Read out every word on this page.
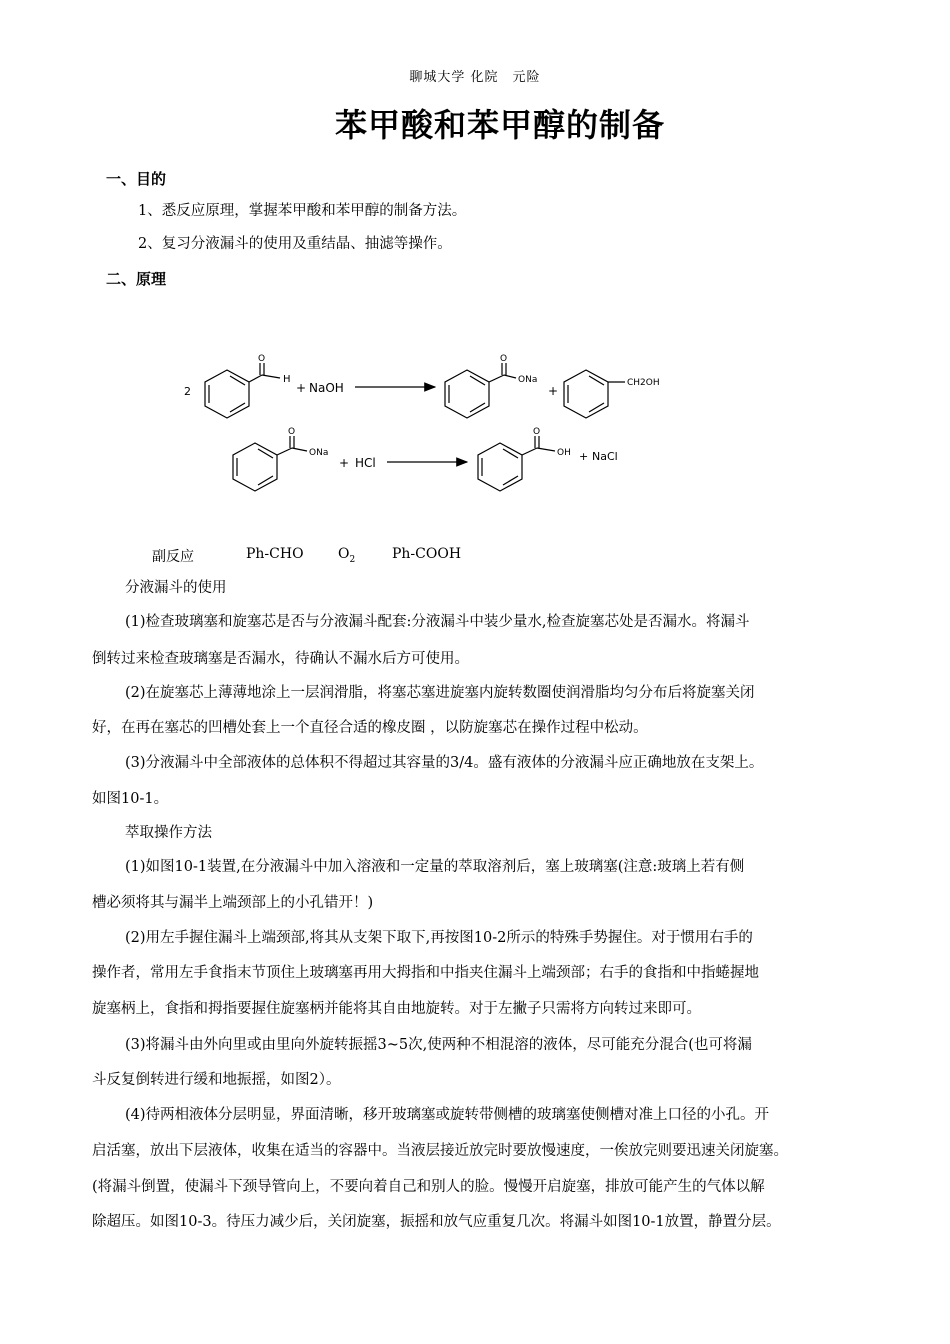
聊城大学 化院　元险
苯甲酸和苯甲醇的制备
一、目的
1、悉反应原理，掌握苯甲酸和苯甲醇的制备方法。
2、复习分液漏斗的使用及重结晶、抽滤等操作。
二、原理
2
O
H
+ NaOH
O
ONa
+
CH2OH
O
ONa
+ HCl
O
OH + NaCl
副反应	Ph-CHO $O_2$	Ph-COOH
分液漏斗的使用
(1)检查玻璃塞和旋塞芯是否与分液漏斗配套:分液漏斗中装少量水,检查旋塞芯处是否漏水。将漏斗
倒转过来检查玻璃塞是否漏水，待确认不漏水后方可使用。
(2)在旋塞芯上薄薄地涂上一层润滑脂，将塞芯塞进旋塞内旋转数圈使润滑脂均匀分布后将旋塞关闭
好，在再在塞芯的凹槽处套上一个直径合适的橡皮圈 ，以防旋塞芯在操作过程中松动。
(3)分液漏斗中全部液体的总体积不得超过其容量的3/4。盛有液体的分液漏斗应正确地放在支架上。
如图10-1。
萃取操作方法
(1)如图10-1装置,在分液漏斗中加入溶液和一定量的萃取溶剂后，塞上玻璃塞(注意:玻璃上若有侧
槽必须将其与漏半上端颈部上的小孔错开！)
(2)用左手握住漏斗上端颈部,将其从支架下取下,再按图10-2所示的特殊手势握住。对于惯用右手的
操作者，常用左手食指末节顶住上玻璃塞再用大拇指和中指夹住漏斗上端颈部；右手的食指和中指蜷握地
旋塞柄上，食指和拇指要握住旋塞柄并能将其自由地旋转。对于左撇子只需将方向转过来即可。
(3)将漏斗由外向里或由里向外旋转振摇3~5次,使两种不相混溶的液体，尽可能充分混合(也可将漏
斗反复倒转进行缓和地振摇，如图2）。
(4)待两相液体分层明显，界面清晰，移开玻璃塞或旋转带侧槽的玻璃塞使侧槽对准上口径的小孔。开
启活塞，放出下层液体，收集在适当的容器中。当液层接近放完时要放慢速度，一俟放完则要迅速关闭旋塞。
(将漏斗倒置，使漏斗下颈导管向上，不要向着自己和别人的脸。慢慢开启旋塞，排放可能产生的气体以解
除超压。如图10-3。待压力减少后，关闭旋塞，振摇和放气应重复几次。将漏斗如图10-1放置，静置分层。
